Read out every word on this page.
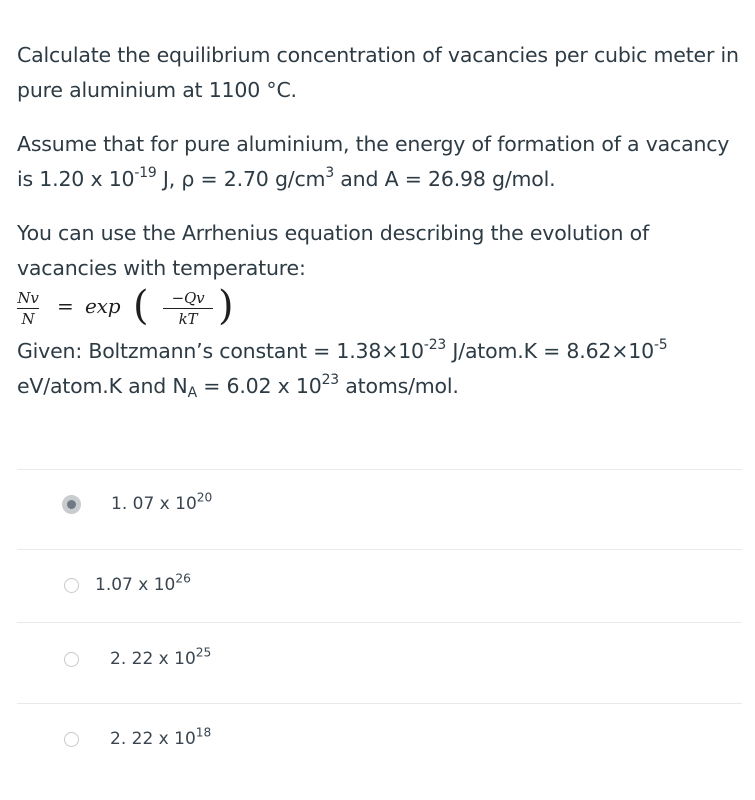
Calculate the equilibrium concentration of vacancies per cubic meter in pure aluminium at 1100 °C.

Assume that for pure aluminium, the energy of formation of a vacancy is 1.20 x $10^{-19}$ J, ρ = 2.70 $g/cm^3$ and A = 26.98 g/mol.

You can use the Arrhenius equation describing the evolution of vacancies with temperature:

Nv
N
= exp (	−Qv
kT )

Given: Boltzmann’s constant = $1.38\times 10^{-23}$ J/atom.K = $8.62\times 10^{-5}$ eV/atom.K and $N_A = 6.02$ x $10^{23}$ atoms/mol.

1. 07 x $10^{20}$
1.07 x $10^{26}$
2. 22 x $10^{25}$
2. 22 x $10^{18}$
